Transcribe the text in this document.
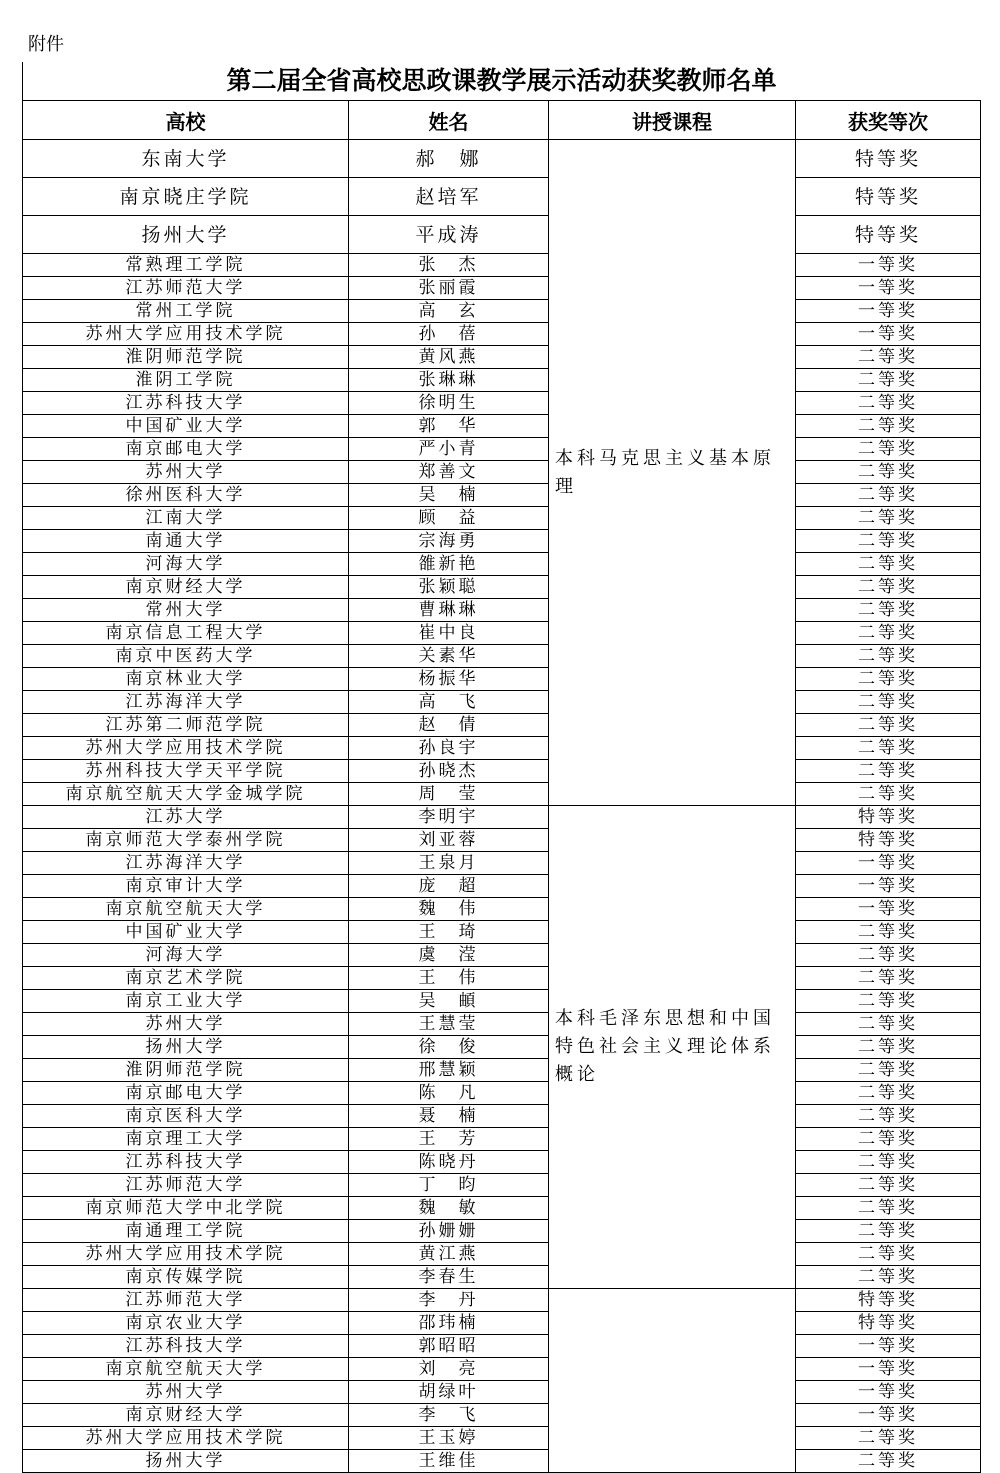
附件
第二届全省高校思政课教学展示活动获奖教师名单
高校	姓名	讲授课程	获奖等次
东南大学	郝　娜	本科马克思主义基本原理	特等奖
南京晓庄学院	赵培军		特等奖
扬州大学	平成涛		特等奖
常熟理工学院	张　杰		一等奖
江苏师范大学	张丽霞		一等奖
常州工学院	高　玄		一等奖
苏州大学应用技术学院	孙　蓓		一等奖
淮阴师范学院	黄风燕		二等奖
淮阴工学院	张琳琳		二等奖
江苏科技大学	徐明生		二等奖
中国矿业大学	郭　华		二等奖
南京邮电大学	严小青		二等奖
苏州大学	郑善文		二等奖
徐州医科大学	吴　楠		二等奖
江南大学	顾　益		二等奖
南通大学	宗海勇		二等奖
河海大学	雒新艳		二等奖
南京财经大学	张颖聪		二等奖
常州大学	曹琳琳		二等奖
南京信息工程大学	崔中良		二等奖
南京中医药大学	关素华		二等奖
南京林业大学	杨振华		二等奖
江苏海洋大学	高　飞		二等奖
江苏第二师范学院	赵　倩		二等奖
苏州大学应用技术学院	孙良宇		二等奖
苏州科技大学天平学院	孙晓杰		二等奖
南京航空航天大学金城学院	周　莹		二等奖
江苏大学	李明宇	本科毛泽东思想和中国特色社会主义理论体系概论	特等奖
南京师范大学泰州学院	刘亚蓉		特等奖
江苏海洋大学	王泉月		一等奖
南京审计大学	庞　超		一等奖
南京航空航天大学	魏　伟		一等奖
中国矿业大学	王　琦		二等奖
河海大学	虞　滢		二等奖
南京艺术学院	王　伟		二等奖
南京工业大学	吴　頔		二等奖
苏州大学	王慧莹		二等奖
扬州大学	徐　俊		二等奖
淮阴师范学院	邢慧颖		二等奖
南京邮电大学	陈　凡		二等奖
南京医科大学	聂　楠		二等奖
南京理工大学	王　芳		二等奖
江苏科技大学	陈晓丹		二等奖
江苏师范大学	丁　昀		二等奖
南京师范大学中北学院	魏　敏		二等奖
南通理工学院	孙姗姗		二等奖
苏州大学应用技术学院	黄江燕		二等奖
南京传媒学院	李春生		二等奖
江苏师范大学	李　丹		特等奖
南京农业大学	邵玮楠		特等奖
江苏科技大学	郭昭昭		一等奖
南京航空航天大学	刘　亮		一等奖
苏州大学	胡绿叶		一等奖
南京财经大学	李　飞		一等奖
苏州大学应用技术学院	王玉婷		二等奖
扬州大学	王维佳		二等奖
